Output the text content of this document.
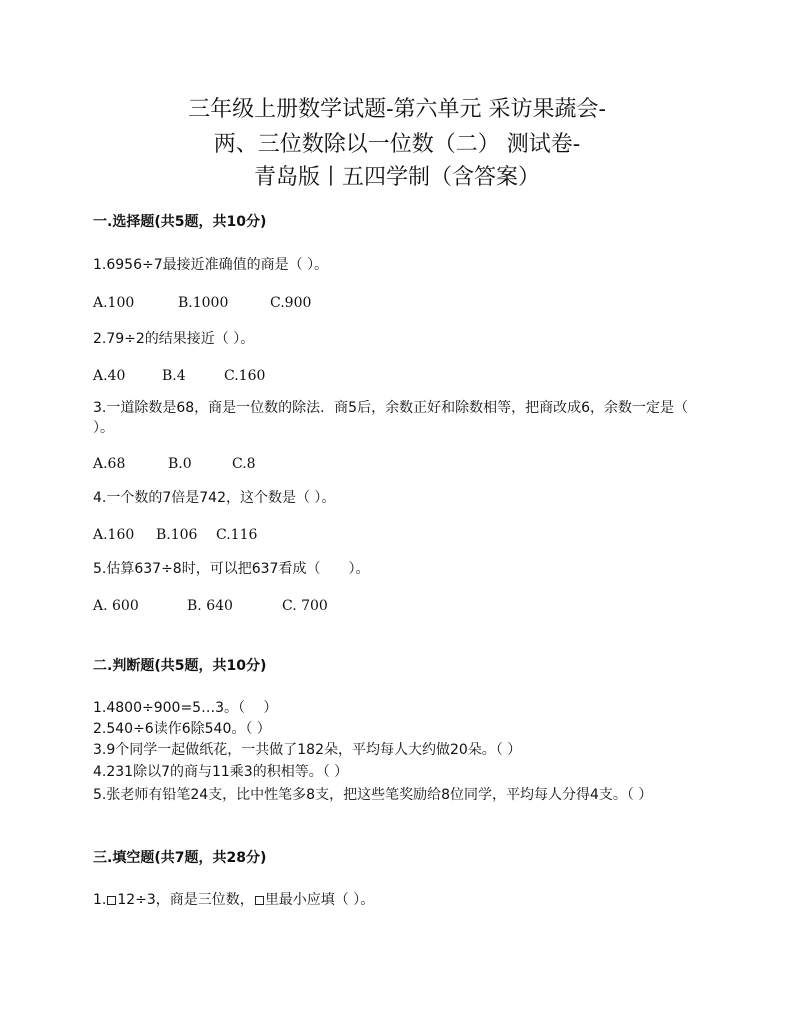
三年级上册数学试题-第六单元 采访果蔬会-
两、三位数除以一位数（二） 测试卷-
青岛版丨五四学制（含答案）
一.选择题(共5题，共10分)
1.6956÷7最接近准确值的商是（ ）。
A.100	B.1000	C.900
2.79÷2的结果接近（ ）。
A.40	B.4	C.160
3.一道除数是68，商是一位数的除法．商5后，余数正好和除数相等，把商改成6，余数一定是（ ）。
A.68	B.0	C.8
4.一个数的7倍是742，这个数是（ ）。
A.160 B.106 C.116
5.估算637÷8时，可以把637看成（　　）。
A. 600	B. 640	C. 700
二.判断题(共5题，共10分)
1.4800÷900=5…3。（　 ）
2.540÷6读作6除540。（ ）
3.9个同学一起做纸花，一共做了182朵，平均每人大约做20朵。（ ）
4.231除以7的商与11乘3的积相等。（ ）
5.张老师有铅笔24支，比中性笔多8支，把这些笔奖励给8位同学，平均每人分得4支。（ ）
三.填空题(共7题，共28分)
1. 12÷3，商是三位数， 里最小应填（ ）。
